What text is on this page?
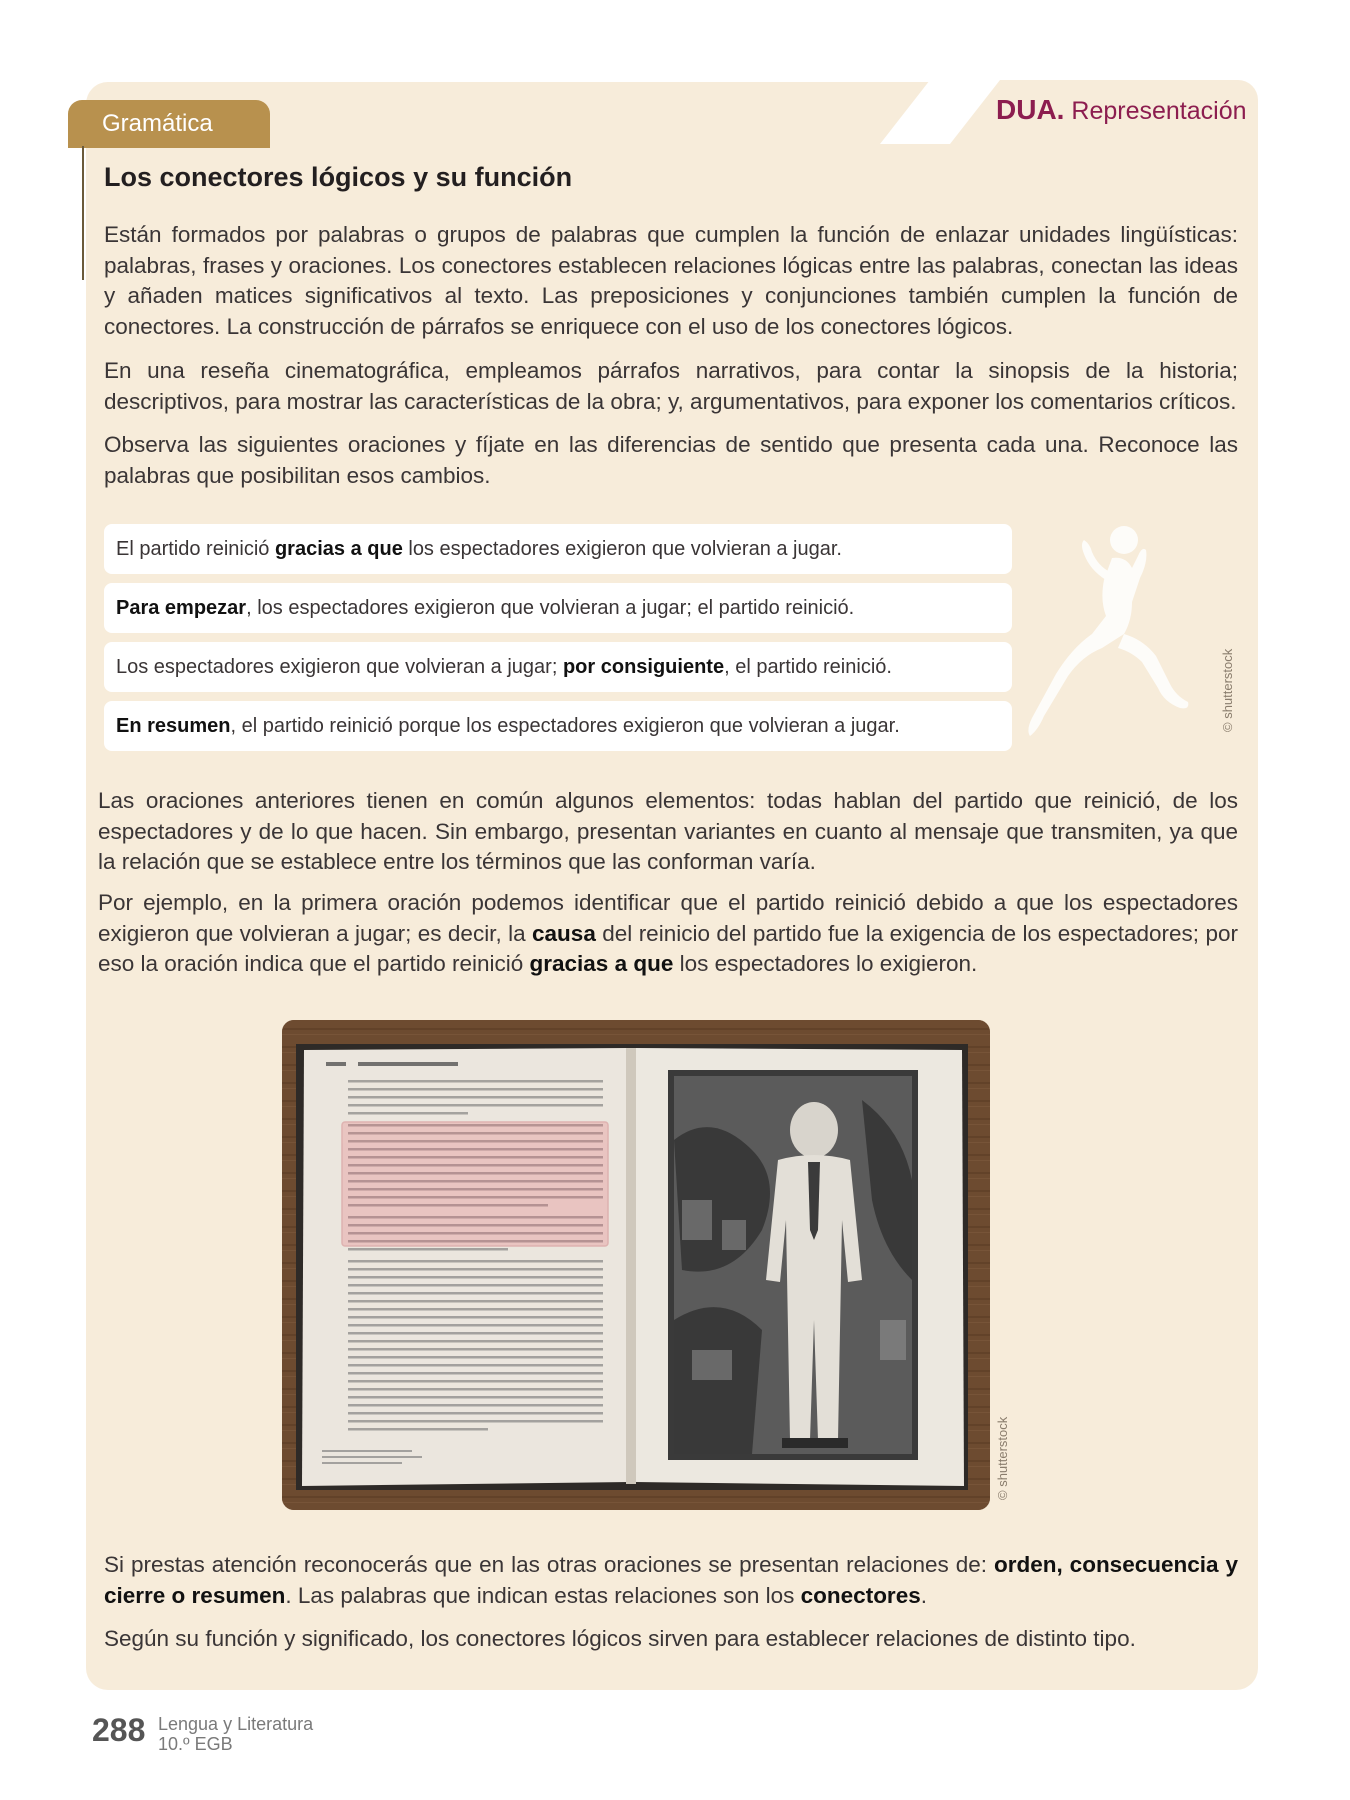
DUA. Representación
Gramática
Los conectores lógicos y su función

Están formados por palabras o grupos de palabras que cumplen la función de enlazar unidades lingüísticas: palabras, frases y oraciones. Los conectores establecen relaciones lógicas entre las palabras, conectan las ideas y añaden matices significativos al texto. Las preposiciones y conjunciones también cumplen la función de conectores. La construcción de párrafos se enriquece con el uso de los conectores lógicos.

En una reseña cinematográfica, empleamos párrafos narrativos, para contar la sinopsis de la historia; descriptivos, para mostrar las características de la obra; y, argumentativos, para exponer los comentarios críticos.

Observa las siguientes oraciones y fíjate en las diferencias de sentido que presenta cada una. Reconoce las palabras que posibilitan esos cambios.

El partido reinició gracias a que los espectadores exigieron que volvieran a jugar.
Para empezar, los espectadores exigieron que volvieran a jugar; el partido reinició.
Los espectadores exigieron que volvieran a jugar; por consiguiente, el partido reinició.
En resumen, el partido reinició porque los espectadores exigieron que volvieran a jugar.	© shutterstock

Las oraciones anteriores tienen en común algunos elementos: todas hablan del partido que reinició, de los espectadores y de lo que hacen. Sin embargo, presentan variantes en cuanto al mensaje que transmiten, ya que la relación que se establece entre los términos que las conforman varía.

Por ejemplo, en la primera oración podemos identificar que el partido reinició debido a que los espectadores exigieron que volvieran a jugar; es decir, la causa del reinicio del partido fue la exigencia de los espectadores; por eso la oración indica que el partido reinició gracias a que los espectadores lo exigieron.

© shutterstock

Si prestas atención reconocerás que en las otras oraciones se presentan relaciones de: orden, consecuencia y cierre o resumen. Las palabras que indican estas relaciones son los conectores.

Según su función y significado, los conectores lógicos sirven para establecer relaciones de distinto tipo.

288 Lengua y Literatura
10.º EGB
